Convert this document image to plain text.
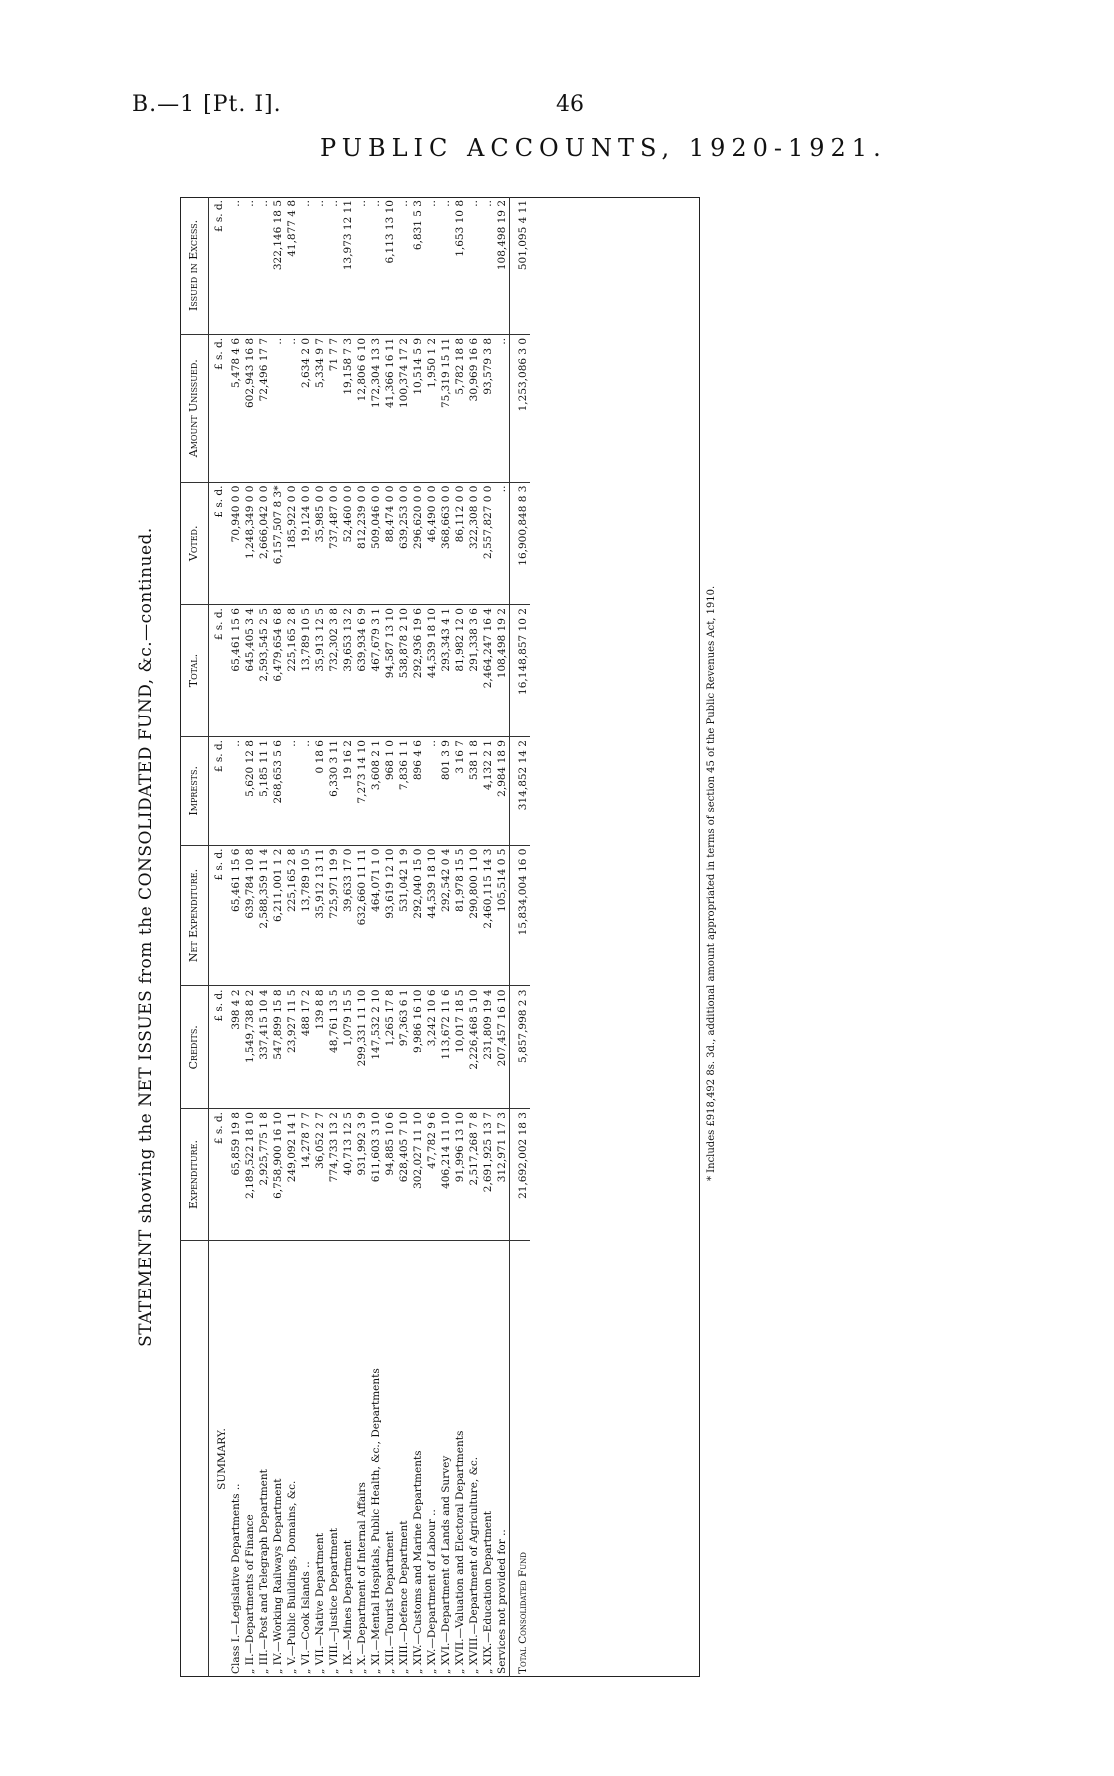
B.—1 [Pt. I].	46
PUBLIC ACCOUNTS, 1920-1921.
STATEMENT showing the NET ISSUES from the CONSOLIDATED FUND, &c.—continued.
		Expenditure.	Credits.	Net Expenditure.	Imprests.	Total.	Voted.	Amount Unissued.	Issued in Excess.
SUMMARY.	£ s. d.	£ s. d.	£ s. d.	£ s. d.	£ s. d.	£ s. d.	£ s. d.	£ s. d.
Class I.—Legislative Departments ..	65,859 19 8	398 4 2	65,461 15 6	..	65,461 15 6	70,940 0 0	5,478 4 6	..
„ II.—Departments of Finance	2,189,522 18 10	1,549,738 8 2	639,784 10 8	5,620 12 8	645,405 3 4	1,248,349 0 0	602,943 16 8	..
„ III.—Post and Telegraph Department	2,925,775 1 8	337,415 10 4	2,588,359 11 4	5,185 11 1	2,593,545 2 5	2,666,042 0 0	72,496 17 7	..
„ IV.—Working Railways Department	6,758,900 16 10	547,899 15 8	6,211,001 1 2	268,653 5 6	6,479,654 6 8	6,157,507 8 3*	..	322,146 18 5
„ V.—Public Buildings, Domains, &c.	249,092 14 1	23,927 11 5	225,165 2 8	..	225,165 2 8	185,922 0 0	..	41,877 4 8
„ VI.—Cook Islands ..	14,278 7 7	488 17 2	13,789 10 5	..	13,789 10 5	19,124 0 0	2,634 2 0	..
„ VII.—Native Department	36,052 2 7	139 8 8	35,912 13 11	0 18 6	35,913 12 5	35,985 0 0	5,334 9 7	..
„ VIII.—Justice Department	774,733 13 2	48,761 13 5	725,971 19 9	6,330 3 11	732,302 3 8	737,487 0 0	71 7 7	..
„ IX.—Mines Department	40,713 12 5	1,079 15 5	39,633 17 0	19 16 2	39,653 13 2	52,460 0 0	19,158 7 3	13,973 12 11
„ X.—Department of Internal Affairs	931,992 3 9	299,331 11 10	632,660 11 11	7,273 14 10	639,934 6 9	812,239 0 0	12,806 6 10	..
„ XI.—Mental Hospitals, Public Health, &c., Departments	611,603 3 10	147,532 2 10	464,071 1 0	3,608 2 1	467,679 3 1	509,046 0 0	172,304 13 3	..
„ XII.—Tourist Department	94,885 10 6	1,265 17 8	93,619 12 10	968 1 0	94,587 13 10	88,474 0 0	41,366 16 11	6,113 13 10
„ XIII.—Defence Department	628,405 7 10	97,363 6 1	531,042 1 9	7,836 1 1	538,878 2 10	639,253 0 0	100,374 17 2	..
„ XIV.—Customs and Marine Departments	302,027 11 10	9,986 16 10	292,040 15 0	896 4 6	292,936 19 6	296,620 0 0	10,514 5 9	6,831 5 3
„ XV.—Department of Labour ..	47,782 9 6	3,242 10 6	44,539 18 10	..	44,539 18 10	46,490 0 0	1,950 1 2	..
„ XVI.—Department of Lands and Survey	406,214 11 10	113,672 11 6	292,542 0 4	801 3 9	293,343 4 1	368,663 0 0	75,319 15 11	..
„ XVII.—Valuation and Electoral Departments	91,996 13 10	10,017 18 5	81,978 15 5	3 16 7	81,982 12 0	86,112 0 0	5,782 18 8	1,653 10 8
„ XVIII.—Department of Agriculture, &c.	2,517,268 7 8	2,226,468 5 10	290,800 1 10	538 1 8	291,338 3 6	322,308 0 0	30,969 16 6	..
„ XIX.—Education Department	2,691,925 13 7	231,809 19 4	2,460,115 14 3	4,132 2 1	2,464,247 16 4	2,557,827 0 0	93,579 3 8	..
Services not provided for ..	312,971 17 3	207,457 16 10	105,514 0 5	2,984 18 9	108,498 19 2	..	..	108,498 19 2
Total Consolidated Fund	21,692,002 18 3	5,857,998 2 3	15,834,004 16 0	314,852 14 2	16,148,857 10 2	16,900,848 8 3	1,253,086 3 0	501,095 4 11
* Includes £918,492 8s. 3d., additional amount appropriated in terms of section 45 of the Public Revenues Act, 1910.
